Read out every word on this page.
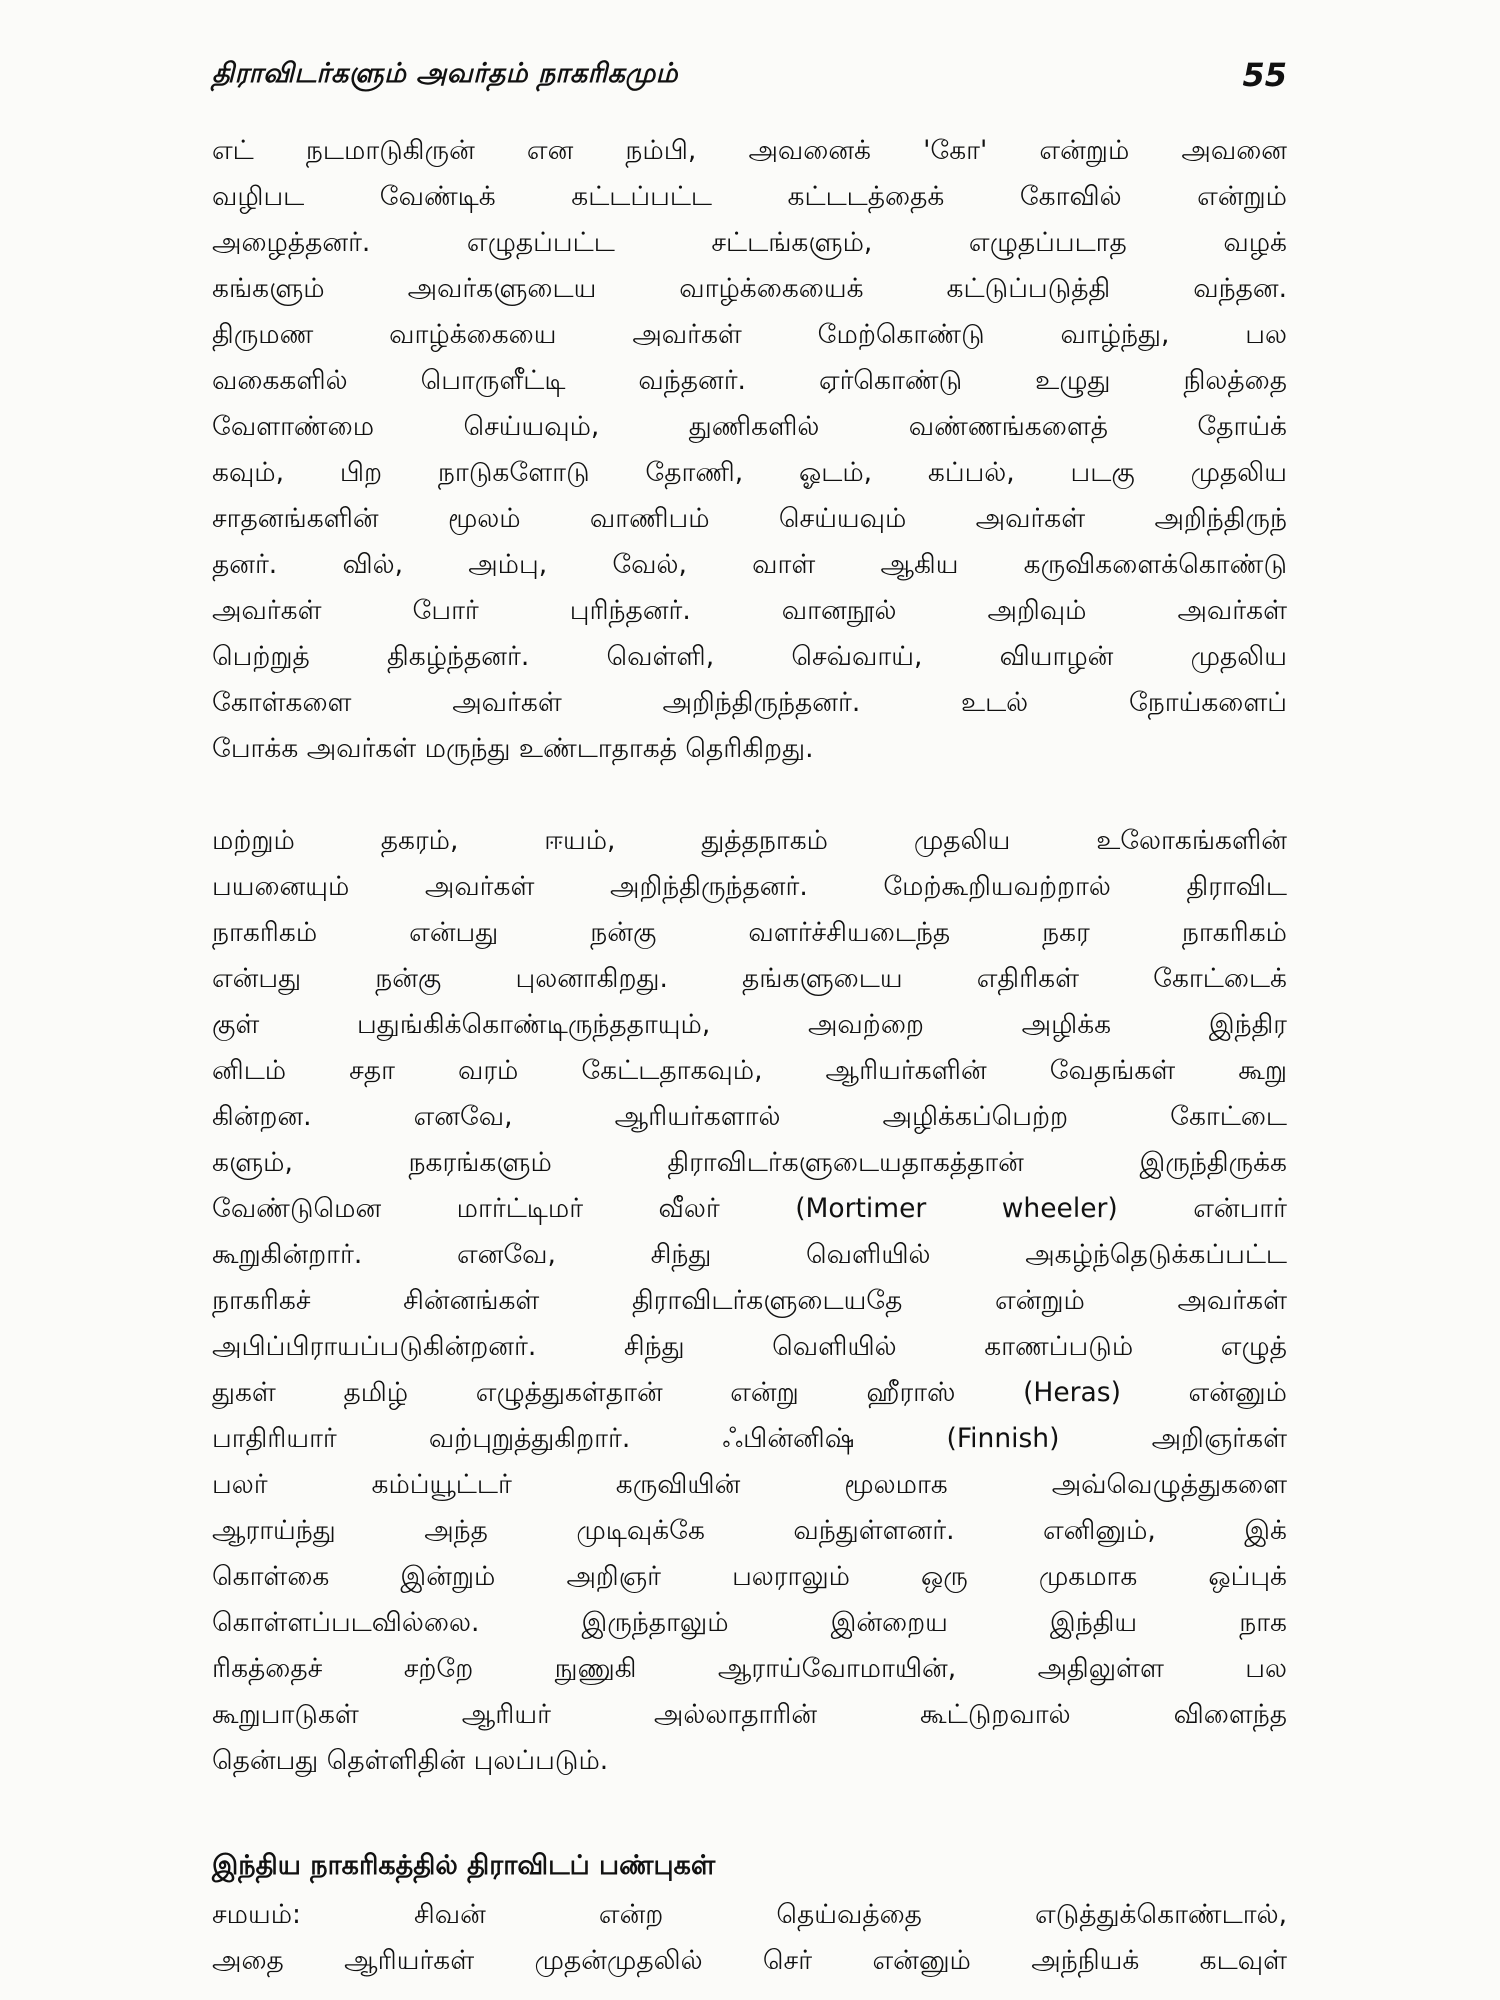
திராவிடர்களும் அவர்தம் நாகரிகமும்	55
எட் நடமாடுகிருன் என நம்பி, அவனைக் 'கோ' என்றும் அவனை
வழிபட வேண்டிக் கட்டப்பட்ட கட்டடத்தைக் கோவில் என்றும்
அழைத்தனர். எழுதப்பட்ட சட்டங்களும், எழுதப்படாத வழக்
கங்களும் அவர்களுடைய வாழ்க்கையைக் கட்டுப்படுத்தி வந்தன.
திருமண வாழ்க்கையை அவர்கள் மேற்கொண்டு வாழ்ந்து, பல
வகைகளில் பொருளீட்டி வந்தனர். ஏர்கொண்டு உழுது நிலத்தை
வேளாண்மை செய்யவும், துணிகளில் வண்ணங்களைத் தோய்க்
கவும், பிற நாடுகளோடு தோணி, ஓடம், கப்பல், படகு முதலிய
சாதனங்களின் மூலம் வாணிபம் செய்யவும் அவர்கள் அறிந்திருந்
தனர். வில், அம்பு, வேல், வாள் ஆகிய கருவிகளைக்கொண்டு
அவர்கள் போர் புரிந்தனர். வானநூல் அறிவும் அவர்கள்
பெற்றுத் திகழ்ந்தனர். வெள்ளி, செவ்வாய், வியாழன் முதலிய
கோள்களை அவர்கள் அறிந்திருந்தனர். உடல் நோய்களைப்
போக்க அவர்கள் மருந்து உண்டாதாகத் தெரிகிறது.
மற்றும் தகரம், ஈயம், துத்தநாகம் முதலிய உலோகங்களின்
பயனையும் அவர்கள் அறிந்திருந்தனர். மேற்கூறியவற்றால் திராவிட
நாகரிகம் என்பது நன்கு வளர்ச்சியடைந்த நகர நாகரிகம்
என்பது நன்கு புலனாகிறது. தங்களுடைய எதிரிகள் கோட்டைக்
குள் பதுங்கிக்கொண்டிருந்ததாயும், அவற்றை அழிக்க இந்திர
னிடம் சதா வரம் கேட்டதாகவும், ஆரியர்களின் வேதங்கள் கூறு
கின்றன. எனவே, ஆரியர்களால் அழிக்கப்பெற்ற கோட்டை
களும், நகரங்களும் திராவிடர்களுடையதாகத்தான் இருந்திருக்க
வேண்டுமென மார்ட்டிமர் வீலர் (Mortimer wheeler) என்பார்
கூறுகின்றார். எனவே, சிந்து வெளியில் அகழ்ந்தெடுக்கப்பட்ட
நாகரிகச் சின்னங்கள் திராவிடர்களுடையதே என்றும் அவர்கள்
அபிப்பிராயப்படுகின்றனர். சிந்து வெளியில் காணப்படும் எழுத்
துகள் தமிழ் எழுத்துகள்தான் என்று ஹீராஸ் (Heras) என்னும்
பாதிரியார் வற்புறுத்துகிறார். ஃபின்னிஷ் (Finnish) அறிஞர்கள்
பலர் கம்ப்யூட்டர் கருவியின் மூலமாக அவ்வெழுத்துகளை
ஆராய்ந்து அந்த முடிவுக்கே வந்துள்ளனர். எனினும், இக்
கொள்கை இன்றும் அறிஞர் பலராலும் ஒரு முகமாக ஒப்புக்
கொள்ளப்படவில்லை. இருந்தாலும் இன்றைய இந்திய நாக
ரிகத்தைச் சற்றே நுணுகி ஆராய்வோமாயின், அதிலுள்ள பல
கூறுபாடுகள் ஆரியர் அல்லாதாரின் கூட்டுறவால் விளைந்த
தென்பது தெள்ளிதின் புலப்படும்.
இந்திய நாகரிகத்தில் திராவிடப் பண்புகள்
சமயம்: சிவன் என்ற தெய்வத்தை எடுத்துக்கொண்டால்,
அதை ஆரியர்கள் முதன்முதலில் செர் என்னும் அந்நியக் கடவுள்
